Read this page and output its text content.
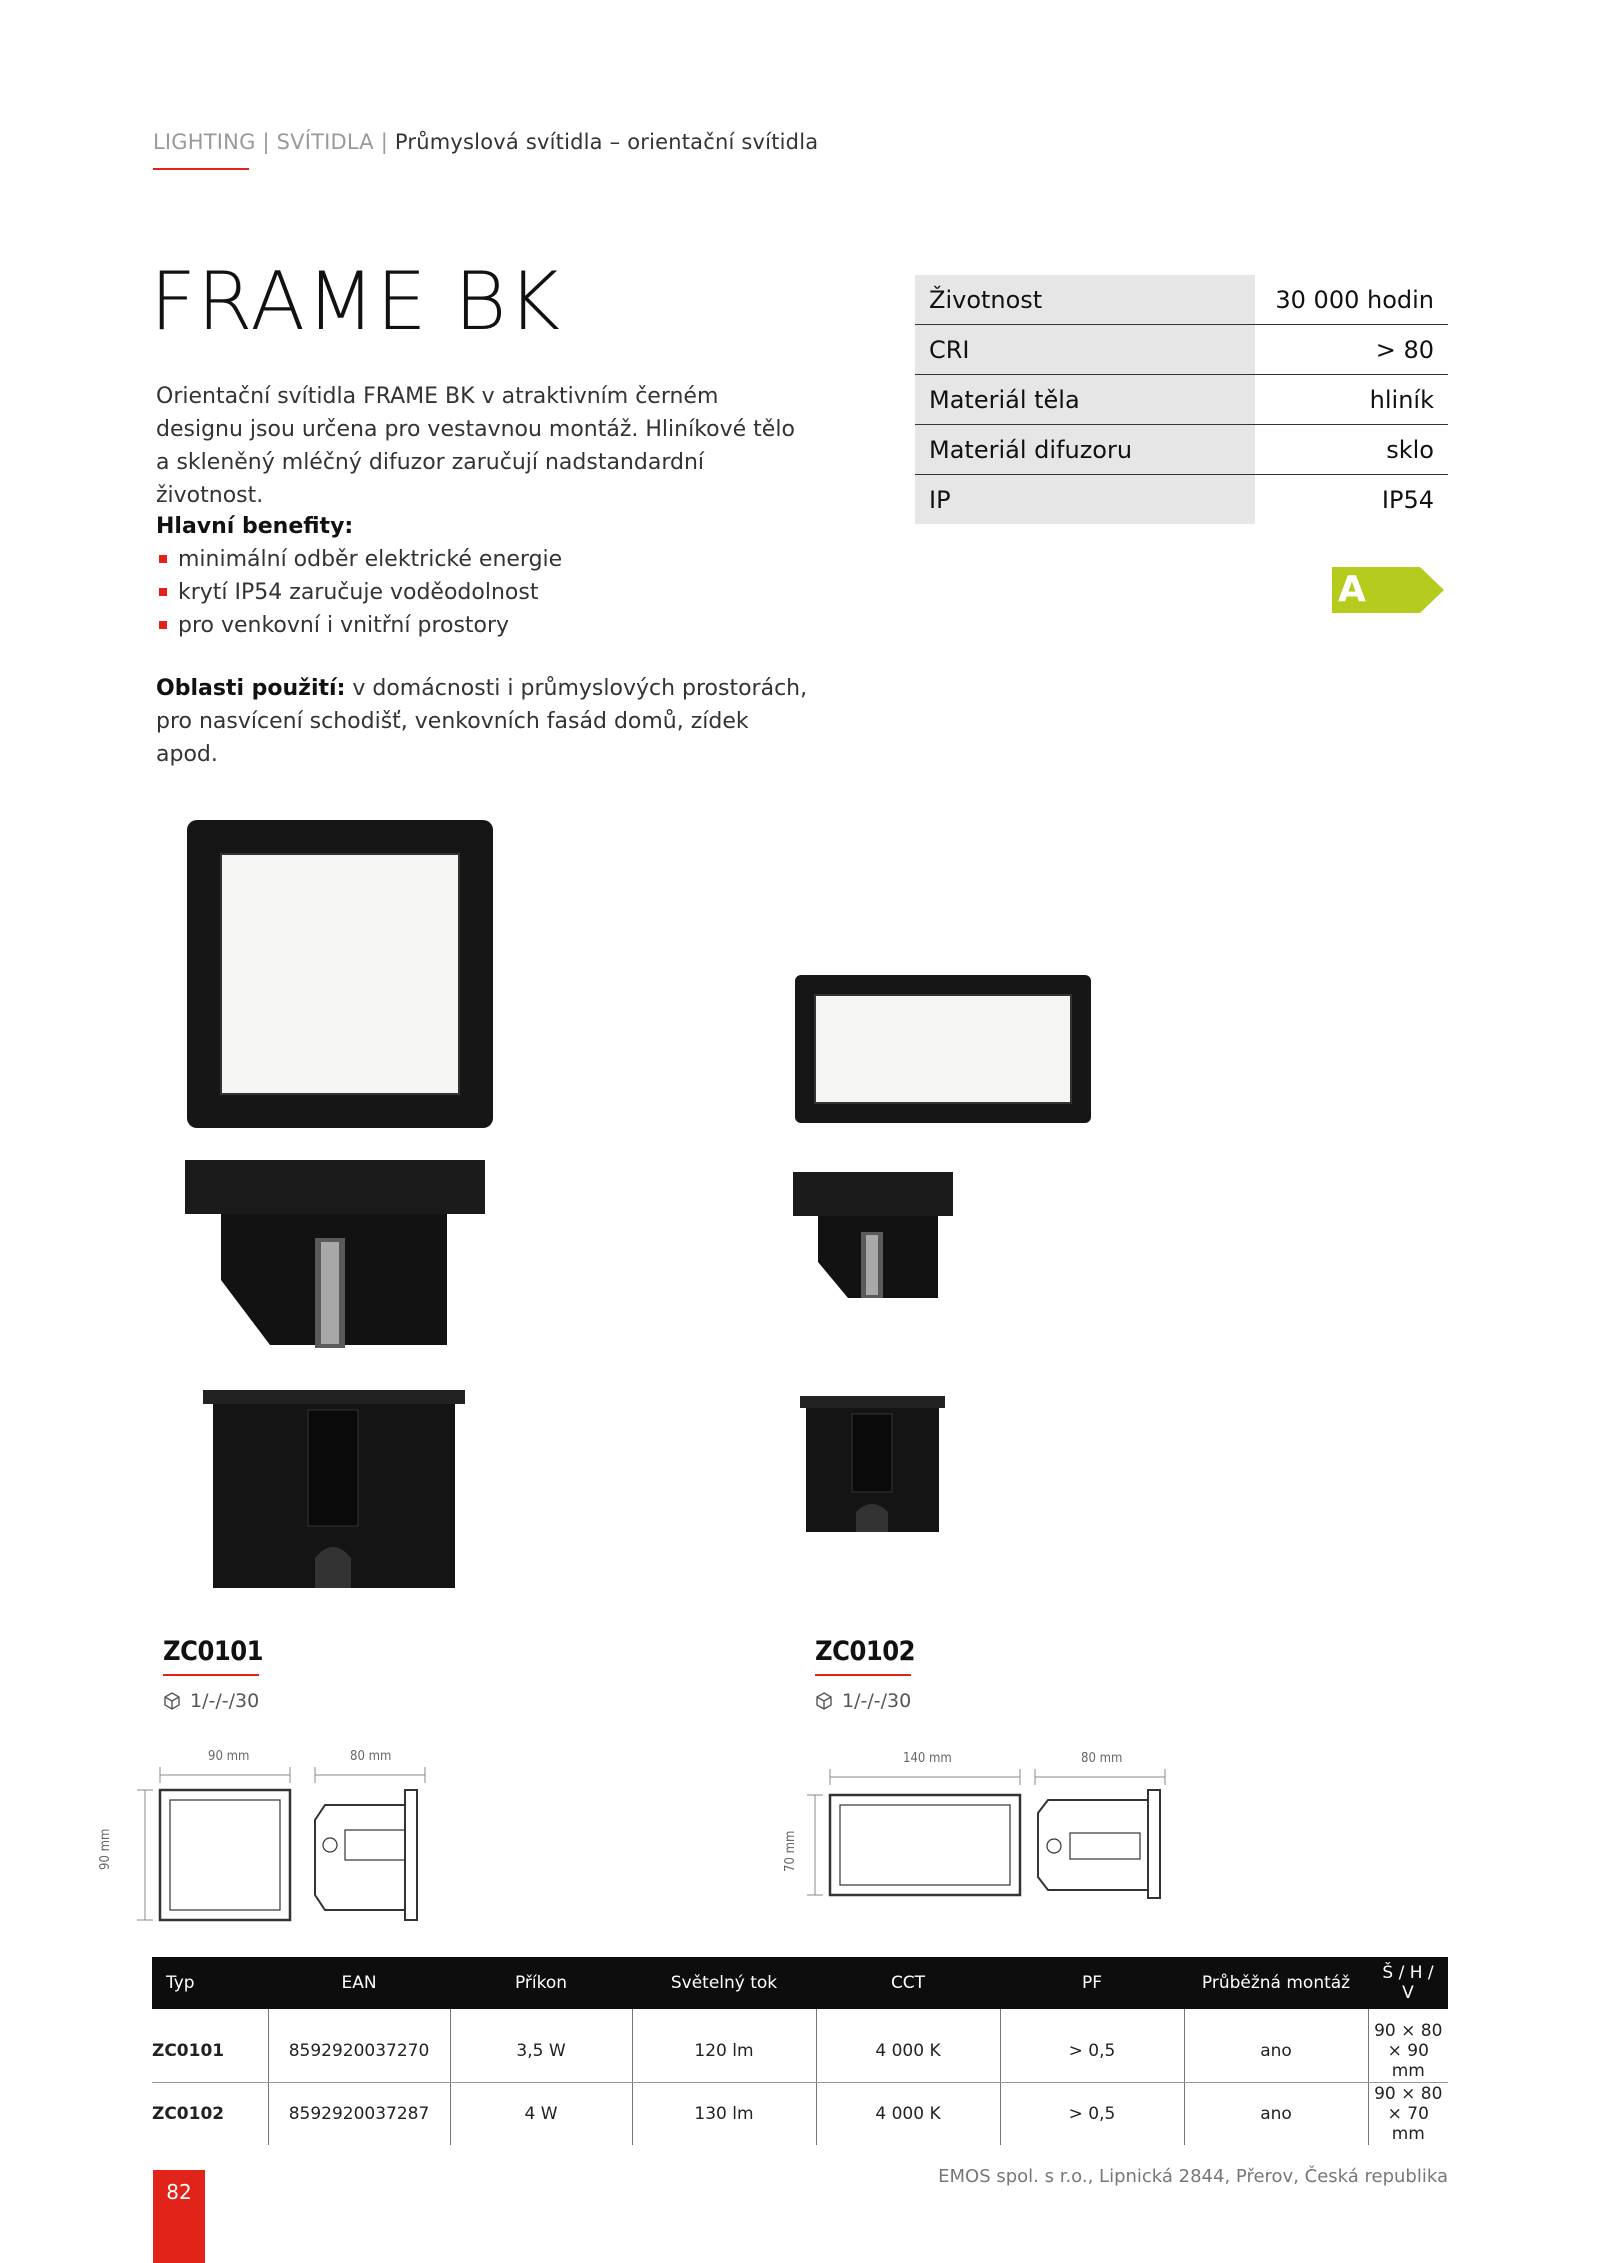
LIGHTING | SVÍTIDLA | Průmyslová svítidla – orientační svítidla
FRAME BK
Orientační svítidla FRAME BK v atraktivním černém designu jsou určena pro vestavnou montáž. Hliníkové tělo a skleněný mléčný difuzor zaručují nadstandardní životnost.
Hlavní benefity:
minimální odběr elektrické energie
krytí IP54 zaručuje voděodolnost
pro venkovní i vnitřní prostory
Oblasti použití: v domácnosti i průmyslových prostorách, pro nasvícení schodišť, venkovních fasád domů, zídek apod.
Životnost	30 000 hodin
CRI	> 80
Materiál těla	hliník
Materiál difuzoru	sklo
IP	IP54
A
ZC0101
1/-/-/30
ZC0102
1/-/-/30
90 mm	80 mm
90 mm
140 mm	80 mm
70 mm
Typ	EAN	Příkon	Světelný tok	CCT	PF	Průběžná montáž	Š / H / V
ZC0101	8592920037270	3,5 W	120 lm	4 000 K	> 0,5	ano	90 × 80 × 90 mm
ZC0102	8592920037287	4 W	130 lm	4 000 K	> 0,5	ano	90 × 80 × 70 mm
82
EMOS spol. s r.o., Lipnická 2844, Přerov, Česká republika
